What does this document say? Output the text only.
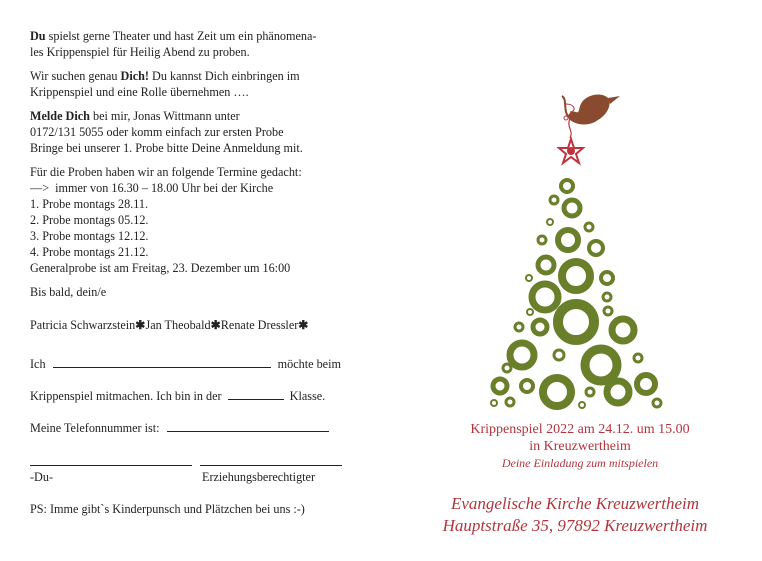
Du spielst gerne Theater und hast Zeit um ein phänomena-
les Krippenspiel für Heilig Abend zu proben.

Wir suchen genau Dich! Du kannst Dich einbringen im
Krippenspiel und eine Rolle übernehmen ….

Melde Dich bei mir, Jonas Wittmann unter
0172/131 5055 oder komm einfach zur ersten Probe
Bringe bei unserer 1. Probe bitte Deine Anmeldung mit.

Für die Proben haben wir an folgende Termine gedacht:
—> immer von 16.30 – 18.00 Uhr bei der Kirche
1. Probe montags 28.11.
2. Probe montags 05.12.
3. Probe montags 12.12.
4. Probe montags 21.12.
Generalprobe ist am Freitag, 23. Dezember um 16:00

Bis bald, dein/e

Patricia Schwarzstein✱Jan Theobald✱Renate Dressler✱

Ich	möchte beim
Krippenspiel mitmachen. Ich bin in der	Klasse.
Meine Telefonnummer ist:
-Du-	Erziehungsberechtigter
PS: Imme gibt`s Kinderpunsch und Plätzchen bei uns :-)
Krippenspiel 2022 am 24.12. um 15.00
in Kreuzwertheim
Deine Einladung zum mitspielen
Evangelische Kirche Kreuzwertheim
Hauptstraße 35, 97892 Kreuzwertheim
